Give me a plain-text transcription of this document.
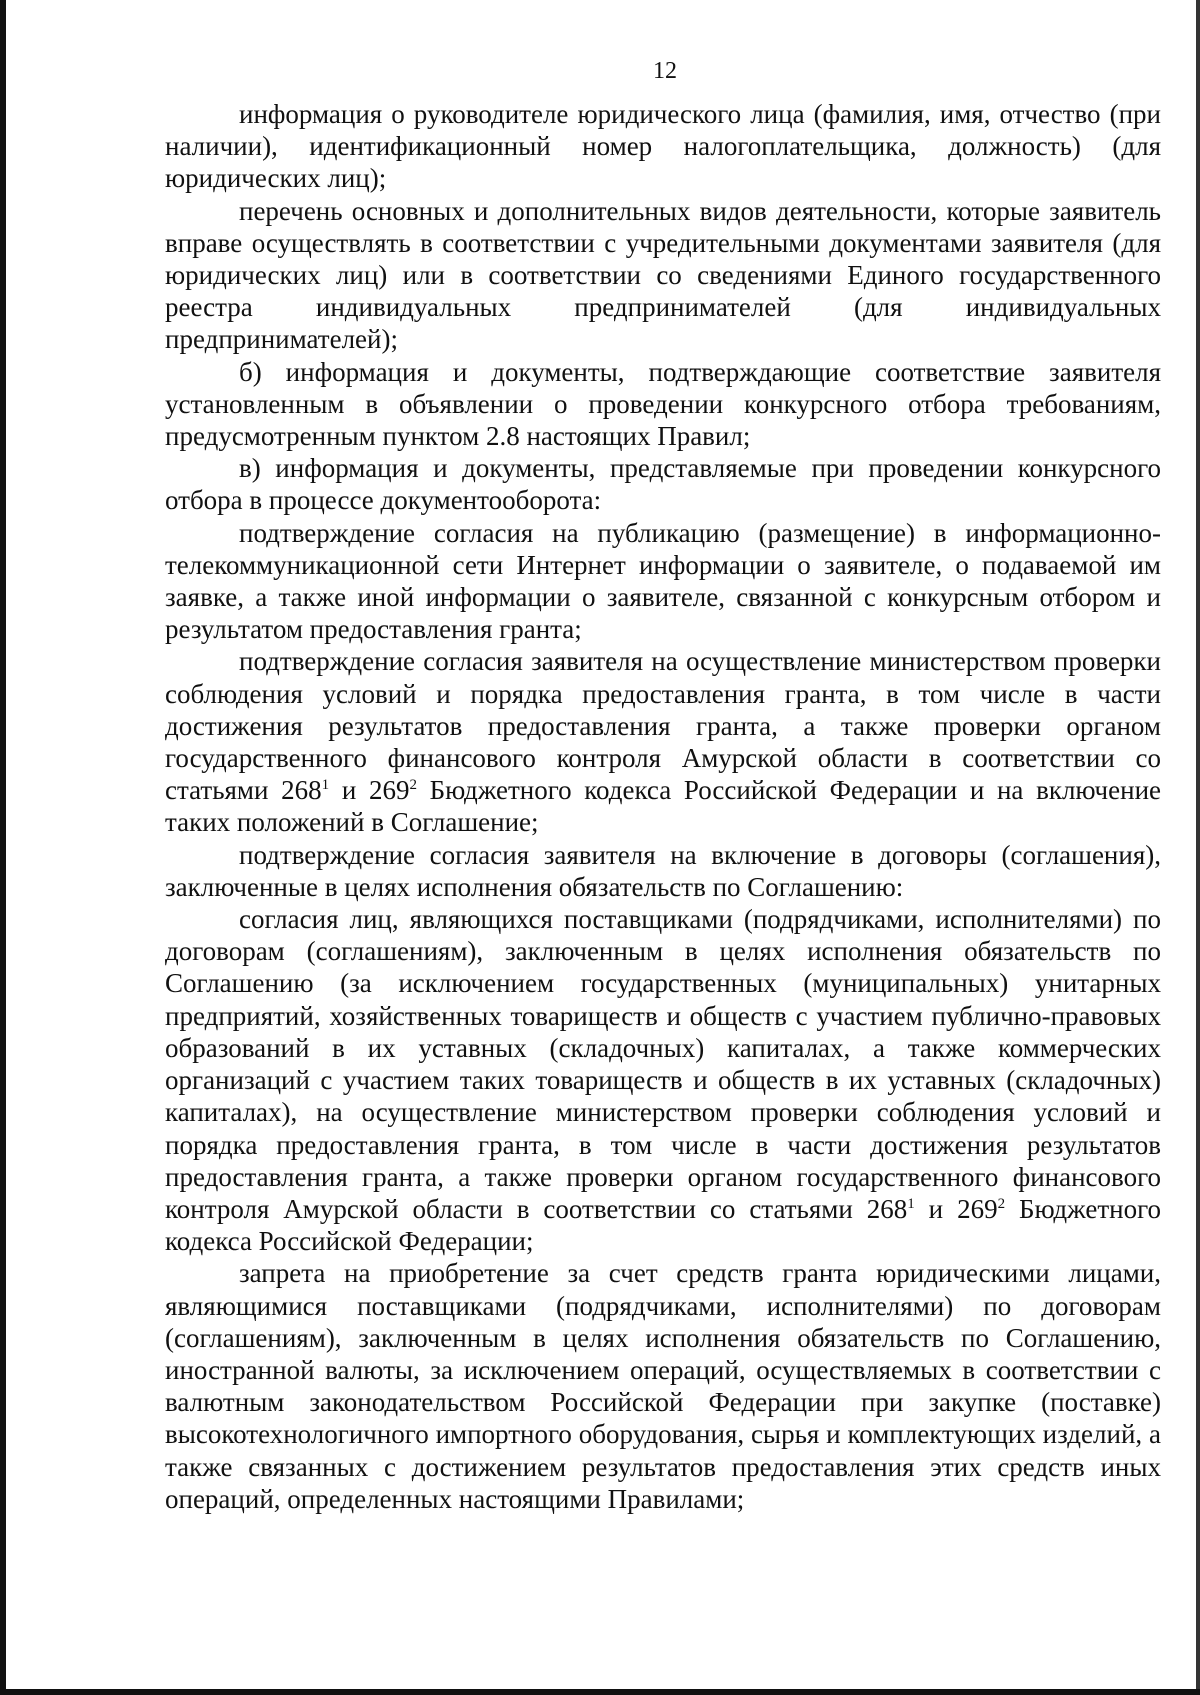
12

информация о руководителе юридического лица (фамилия, имя, отчество (при наличии), идентификационный номер налогоплательщика, должность) (для юридических лиц);

перечень основных и дополнительных видов деятельности, которые заявитель вправе осуществлять в соответствии с учредительными документами заявителя (для юридических лиц) или в соответствии со сведениями Единого государственного реестра индивидуальных предпринимателей (для индивидуальных предпринимателей);

б) информация и документы, подтверждающие соответствие заявителя установленным в объявлении о проведении конкурсного отбора требованиям, предусмотренным пунктом 2.8 настоящих Правил;

в) информация и документы, представляемые при проведении конкурсного отбора в процессе документооборота:

подтверждение согласия на публикацию (размещение) в информационно-телекоммуникационной сети Интернет информации о заявителе, о подаваемой им заявке, а также иной информации о заявителе, связанной с конкурсным отбором и результатом предоставления гранта;

подтверждение согласия заявителя на осуществление министерством проверки соблюдения условий и порядка предоставления гранта, в том числе в части достижения результатов предоставления гранта, а также проверки органом государственного финансового контроля Амурской области в соответствии со статьями $268^1$ и $269^2$ Бюджетного кодекса Российской Федерации и на включение таких положений в Соглашение;

подтверждение согласия заявителя на включение в договоры (соглашения), заключенные в целях исполнения обязательств по Соглашению:

согласия лиц, являющихся поставщиками (подрядчиками, исполнителями) по договорам (соглашениям), заключенным в целях исполнения обязательств по Соглашению (за исключением государственных (муниципальных) унитарных предприятий, хозяйственных товариществ и обществ с участием публично-правовых образований в их уставных (складочных) капиталах, а также коммерческих организаций с участием таких товариществ и обществ в их уставных (складочных) капиталах), на осуществление министерством проверки соблюдения условий и порядка предоставления гранта, в том числе в части достижения результатов предоставления гранта, а также проверки органом государственного финансового контроля Амурской области в соответствии со статьями $268^1$ и $269^2$ Бюджетного кодекса Российской Федерации;

запрета на приобретение за счет средств гранта юридическими лицами, являющимися поставщиками (подрядчиками, исполнителями) по договорам (соглашениям), заключенным в целях исполнения обязательств по Соглашению, иностранной валюты, за исключением операций, осуществляемых в соответствии с валютным законодательством Российской Федерации при закупке (поставке) высокотехнологичного импортного оборудования, сырья и комплектующих изделий, а также связанных с достижением результатов предоставления этих средств иных операций, определенных настоящими Правилами;
